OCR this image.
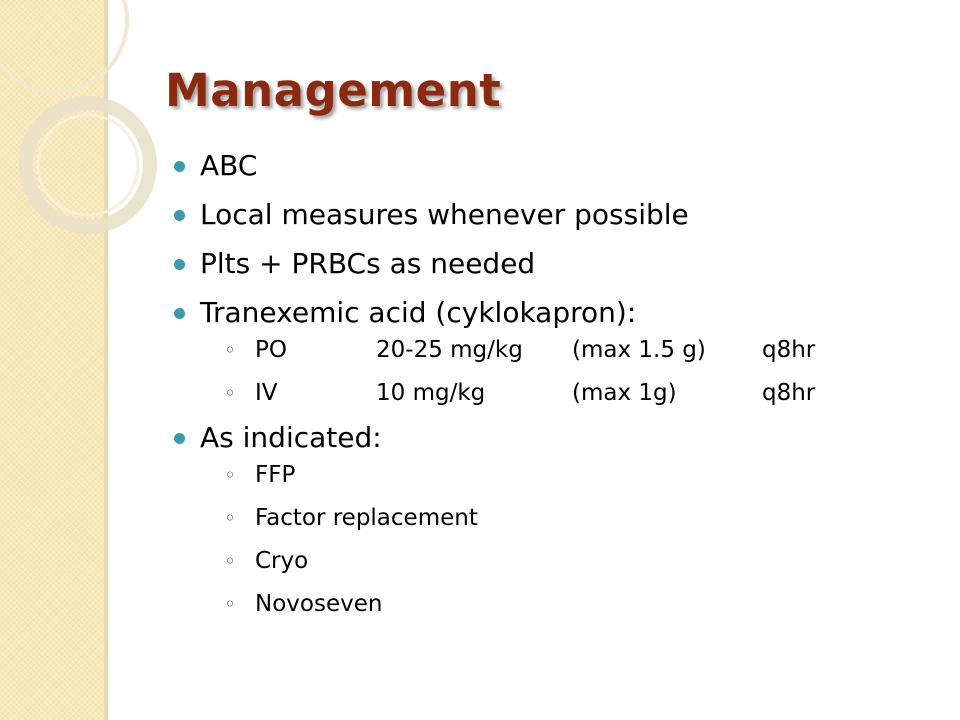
Management
ABC
Local measures whenever possible
Plts + PRBCs as needed
Tranexemic acid (cyklokapron):
◦ PO	20-25 mg/kg	(max 1.5 g)	q8hr
◦ IV	10 mg/kg	(max 1g)	q8hr
As indicated:
◦ FFP
◦ Factor replacement
◦ Cryo
◦ Novoseven
